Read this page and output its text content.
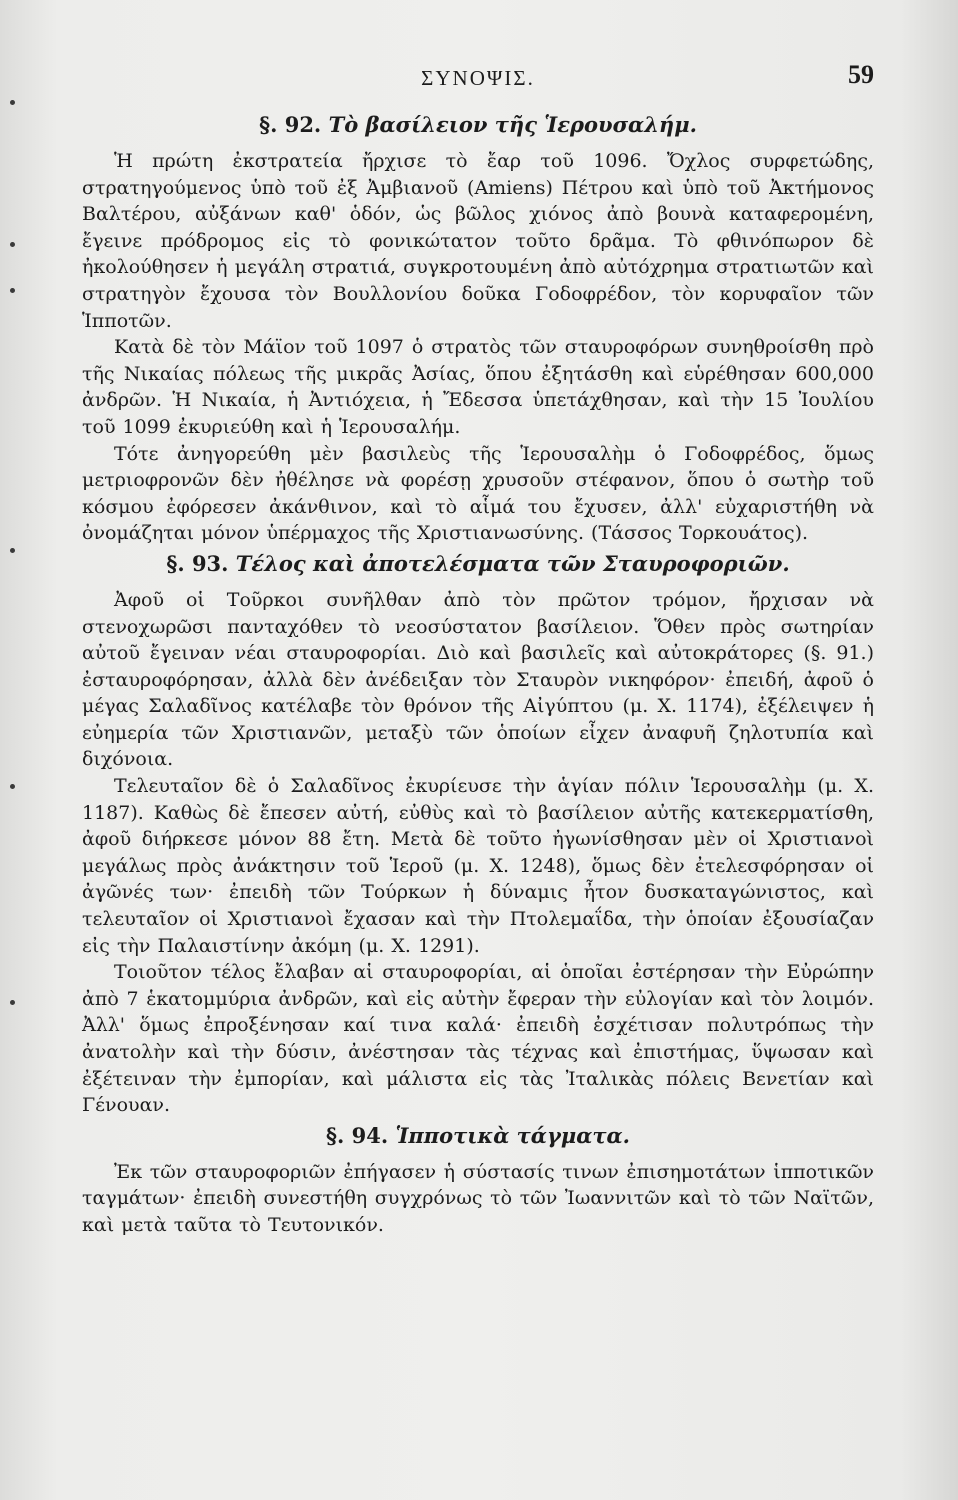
ΣΥΝΟΨΙΣ.	59
§. 92. Τὸ βασίλειον τῆς Ἱερουσαλήμ.

Ἡ πρώτη ἐκστρατεία ἤρχισε τὸ ἔαρ τοῦ 1096. Ὄχλος συρφετώδης, στρατηγούμενος ὑπὸ τοῦ ἐξ Ἀμβιανοῦ (Amiens) Πέτρου καὶ ὑπὸ τοῦ Ἀκτήμονος Βαλτέρου, αὐξάνων καθ' ὁδόν, ὡς βῶλος χιόνος ἀπὸ βουνὰ καταφερομένη, ἔγεινε πρόδρομος εἰς τὸ φονικώτατον τοῦτο δρᾶμα. Τὸ φθινόπωρον δὲ ἠκολούθησεν ἡ μεγάλη στρατιά, συγκροτουμένη ἀπὸ αὐτόχρημα στρατιωτῶν καὶ στρατηγὸν ἔχουσα τὸν Βουλλονίου δοῦκα Γοδοφρέδον, τὸν κορυφαῖον τῶν Ἱπποτῶν.

Κατὰ δὲ τὸν Μάϊον τοῦ 1097 ὁ στρατὸς τῶν σταυροφόρων συνηθροίσθη πρὸ τῆς Νικαίας πόλεως τῆς μικρᾶς Ἀσίας, ὅπου ἐξητάσθη καὶ εὑρέθησαν 600,000 ἀνδρῶν. Ἡ Νικαία, ἡ Ἀντιόχεια, ἡ Ἔδεσσα ὑπετάχθησαν, καὶ τὴν 15 Ἰουλίου τοῦ 1099 ἐκυριεύθη καὶ ἡ Ἱερουσαλήμ.

Τότε ἀνηγορεύθη μὲν βασιλεὺς τῆς Ἱερουσαλὴμ ὁ Γοδοφρέδος, ὅμως μετριοφρονῶν δὲν ἠθέλησε νὰ φορέσῃ χρυσοῦν στέφανον, ὅπου ὁ σωτὴρ τοῦ κόσμου ἐφόρεσεν ἀκάνθινον, καὶ τὸ αἷμά του ἔχυσεν, ἀλλ' εὐχαριστήθη νὰ ὀνομάζηται μόνον ὑπέρμαχος τῆς Χριστιανωσύνης. (Τάσσος Τορκουάτος).

§. 93. Τέλος καὶ ἀποτελέσματα τῶν Σταυροφοριῶν.

Ἀφοῦ οἱ Τοῦρκοι συνῆλθαν ἀπὸ τὸν πρῶτον τρόμον, ἤρχισαν νὰ στενοχωρῶσι πανταχόθεν τὸ νεοσύστατον βασίλειον. Ὅθεν πρὸς σωτηρίαν αὐτοῦ ἔγειναν νέαι σταυροφορίαι. Διὸ καὶ βασιλεῖς καὶ αὐτοκράτορες (§. 91.) ἐσταυροφόρησαν, ἀλλὰ δὲν ἀνέδειξαν τὸν Σταυρὸν νικηφόρον· ἐπειδή, ἀφοῦ ὁ μέγας Σαλαδῖνος κατέλαβε τὸν θρόνον τῆς Αἰγύπτου (μ. Χ. 1174), ἐξέλειψεν ἡ εὐημερία τῶν Χριστιανῶν, μεταξὺ τῶν ὁποίων εἶχεν ἀναφυῆ ζηλοτυπία καὶ διχόνοια.

Τελευταῖον δὲ ὁ Σαλαδῖνος ἐκυρίευσε τὴν ἁγίαν πόλιν Ἱερουσαλὴμ (μ. Χ. 1187). Καθὼς δὲ ἔπεσεν αὐτή, εὐθὺς καὶ τὸ βασίλειον αὐτῆς κατεκερματίσθη, ἀφοῦ διήρκεσε μόνον 88 ἔτη. Μετὰ δὲ τοῦτο ἠγωνίσθησαν μὲν οἱ Χριστιανοὶ μεγάλως πρὸς ἀνάκτησιν τοῦ Ἱεροῦ (μ. Χ. 1248), ὅμως δὲν ἐτελεσφόρησαν οἱ ἀγῶνές των· ἐπειδὴ τῶν Τούρκων ἡ δύναμις ἦτον δυσκαταγώνιστος, καὶ τελευταῖον οἱ Χριστιανοὶ ἔχασαν καὶ τὴν Πτολεμαΐδα, τὴν ὁποίαν ἐξουσίαζαν εἰς τὴν Παλαιστίνην ἀκόμη (μ. Χ. 1291).

Τοιοῦτον τέλος ἔλαβαν αἱ σταυροφορίαι, αἱ ὁποῖαι ἐστέρησαν τὴν Εὐρώπην ἀπὸ 7 ἑκατομμύρια ἀνδρῶν, καὶ εἰς αὐτὴν ἔφεραν τὴν εὐλογίαν καὶ τὸν λοιμόν. Ἀλλ' ὅμως ἐπροξένησαν καί τινα καλά· ἐπειδὴ ἐσχέτισαν πολυτρόπως τὴν ἀνατολὴν καὶ τὴν δύσιν, ἀνέστησαν τὰς τέχνας καὶ ἐπιστήμας, ὕψωσαν καὶ ἐξέτειναν τὴν ἐμπορίαν, καὶ μάλιστα εἰς τὰς Ἰταλικὰς πόλεις Βενετίαν καὶ Γένουαν.

§. 94. Ἱπποτικὰ τάγματα.

Ἐκ τῶν σταυροφοριῶν ἐπήγασεν ἡ σύστασίς τινων ἐπισημοτάτων ἱπποτικῶν ταγμάτων· ἐπειδὴ συνεστήθη συγχρόνως τὸ τῶν Ἰωαννιτῶν καὶ τὸ τῶν Ναϊτῶν, καὶ μετὰ ταῦτα τὸ Τευτονικόν.
